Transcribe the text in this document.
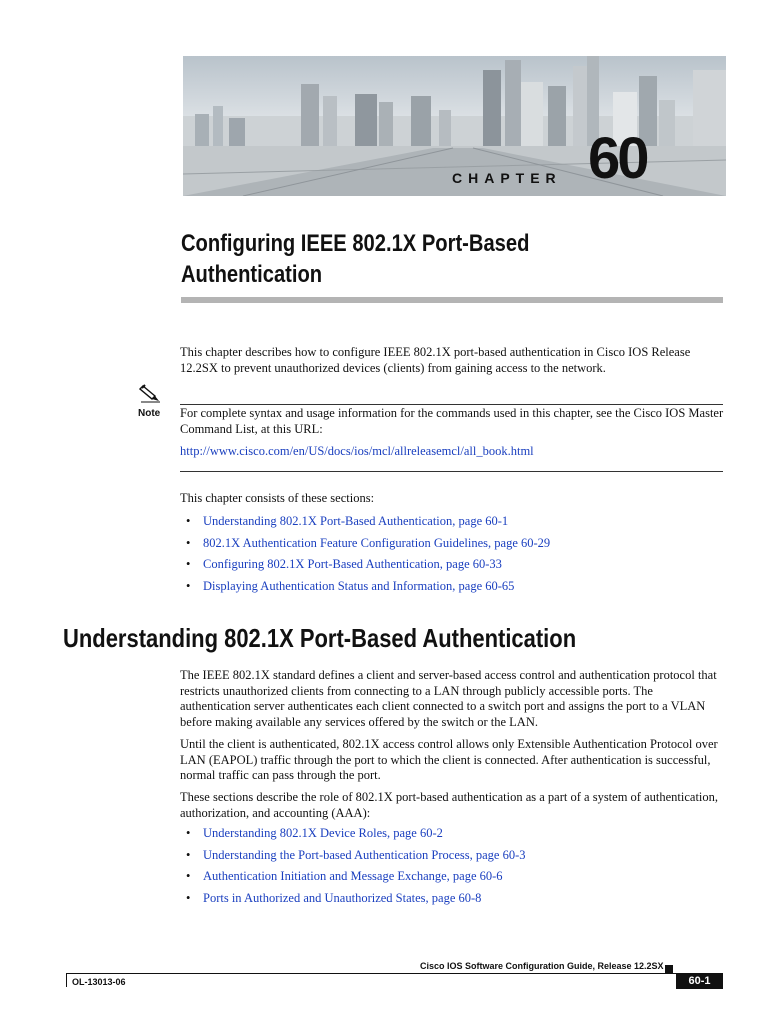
CHAPTER 60
Configuring IEEE 802.1X Port-Based Authentication
This chapter describes how to configure IEEE 802.1X port-based authentication in Cisco IOS Release 12.2SX to prevent unauthorized devices (clients) from gaining access to the network.
Note For complete syntax and usage information for the commands used in this chapter, see the Cisco IOS Master Command List, at this URL:
http://www.cisco.com/en/US/docs/ios/mcl/allreleasemcl/all_book.html
This chapter consists of these sections:
• Understanding 802.1X Port-Based Authentication, page 60-1
• 802.1X Authentication Feature Configuration Guidelines, page 60-29
• Configuring 802.1X Port-Based Authentication, page 60-33
• Displaying Authentication Status and Information, page 60-65
Understanding 802.1X Port-Based Authentication
The IEEE 802.1X standard defines a client and server-based access control and authentication protocol that restricts unauthorized clients from connecting to a LAN through publicly accessible ports. The authentication server authenticates each client connected to a switch port and assigns the port to a VLAN before making available any services offered by the switch or the LAN.
Until the client is authenticated, 802.1X access control allows only Extensible Authentication Protocol over LAN (EAPOL) traffic through the port to which the client is connected. After authentication is successful, normal traffic can pass through the port.
These sections describe the role of 802.1X port-based authentication as a part of a system of authentication, authorization, and accounting (AAA):
• Understanding 802.1X Device Roles, page 60-2
• Understanding the Port-based Authentication Process, page 60-3
• Authentication Initiation and Message Exchange, page 60-6
• Ports in Authorized and Unauthorized States, page 60-8
Cisco IOS Software Configuration Guide, Release 12.2SX
OL-13013-06	60-1
